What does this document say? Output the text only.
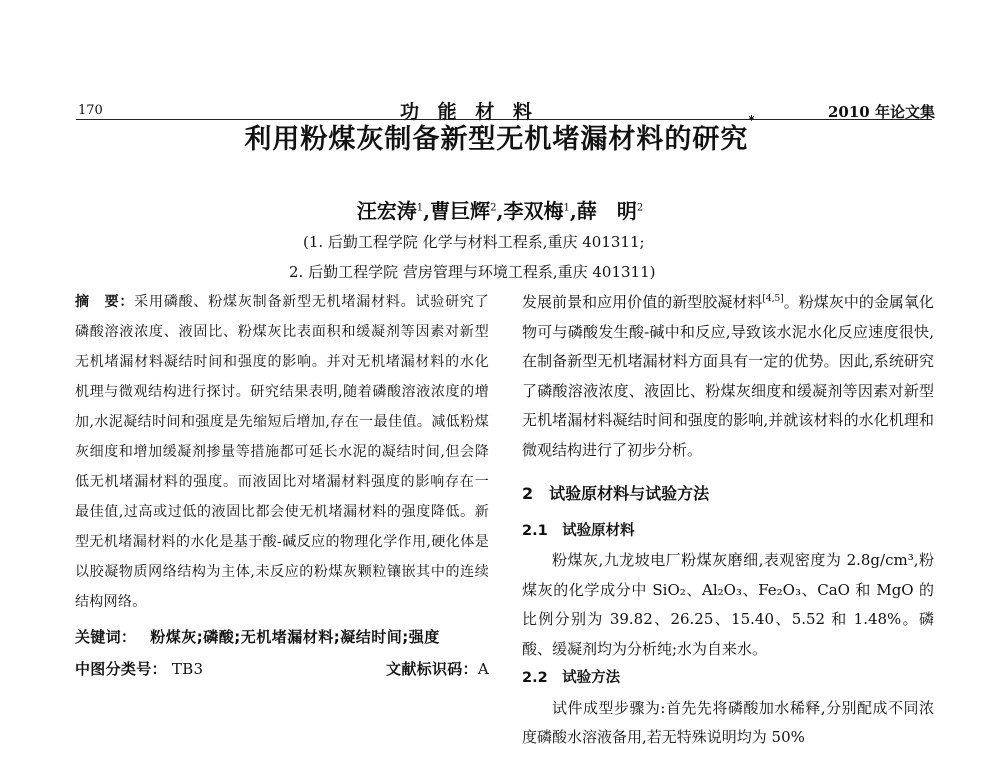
170	功 能 材 料	2010 年论文集
利用粉煤灰制备新型无机堵漏材料的研究*
汪宏涛$^1$,曹巨辉$^2$,李双梅$^1$,薛　明$^2$
(1. 后勤工程学院 化学与材料工程系,重庆 401311;
2. 后勤工程学院 营房管理与环境工程系,重庆 401311)

摘　要：采用磷酸、粉煤灰制备新型无机堵漏材料。试验研究了磷酸溶液浓度、液固比、粉煤灰比表面积和缓凝剂等因素对新型无机堵漏材料凝结时间和强度的影响。并对无机堵漏材料的水化机理与微观结构进行探讨。研究结果表明,随着磷酸溶液浓度的增加,水泥凝结时间和强度是先缩短后增加,存在一最佳值。减低粉煤灰细度和增加缓凝剂掺量等措施都可延长水泥的凝结时间,但会降低无机堵漏材料的强度。而液固比对堵漏材料强度的影响存在一最佳值,过高或过低的液固比都会使无机堵漏材料的强度降低。新型无机堵漏材料的水化是基于酸-碱反应的物理化学作用,硬化体是以胶凝物质网络结构为主体,未反应的粉煤灰颗粒镶嵌其中的连续结构网络。

关键词： 粉煤灰;磷酸;无机堵漏材料;凝结时间;强度
中图分类号： TB3	文献标识码：A

发展前景和应用价值的新型胶凝材料[4,5]。粉煤灰中的金属氧化物可与磷酸发生酸-碱中和反应,导致该水泥水化反应速度很快,在制备新型无机堵漏材料方面具有一定的优势。因此,系统研究了磷酸溶液浓度、液固比、粉煤灰细度和缓凝剂等因素对新型无机堵漏材料凝结时间和强度的影响,并就该材料的水化机理和微观结构进行了初步分析。

2　试验原材料与试验方法
2.1　试验原材料

粉煤灰,九龙坡电厂粉煤灰磨细,表观密度为 2.8g/cm³,粉煤灰的化学成分中 SiO₂、Al₂O₃、Fe₂O₃、CaO 和 MgO 的比例分别为 39.82、26.25、15.40、5.52 和 1.48%。磷酸、缓凝剂均为分析纯;水为自来水。

2.2　试验方法

试件成型步骤为:首先先将磷酸加水稀释,分别配成不同浓度磷酸水溶液备用,若无特殊说明均为 50%
